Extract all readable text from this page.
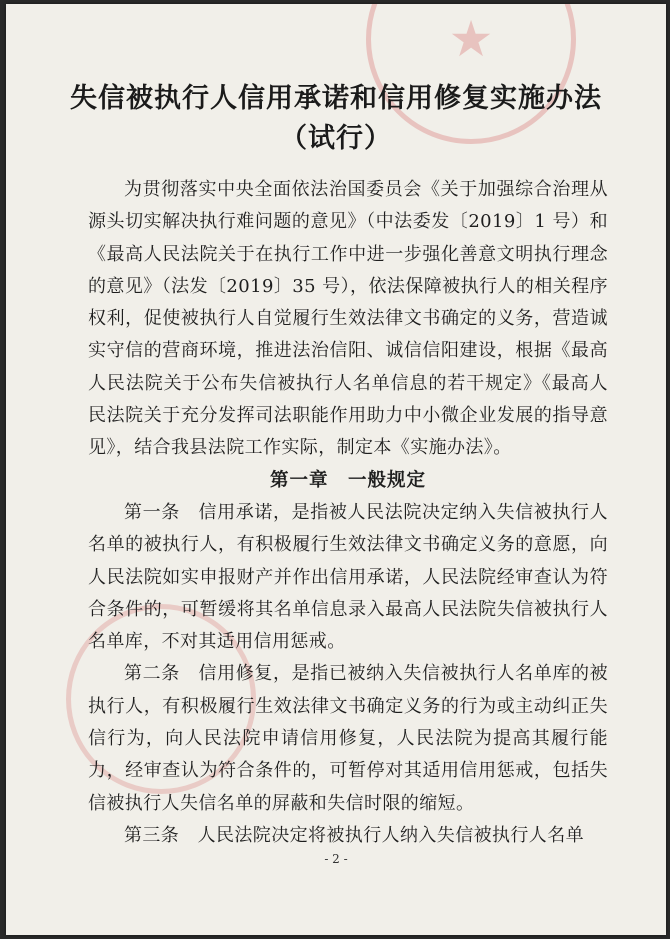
★
失信被执行人信用承诺和信用修复实施办法
（试行）

为贯彻落实中央全面依法治国委员会《关于加强综合治理从源头切实解决执行难问题的意见》（中法委发〔2019〕1 号）和《最高人民法院关于在执行工作中进一步强化善意文明执行理念的意见》（法发〔2019〕35 号），依法保障被执行人的相关程序权利，促使被执行人自觉履行生效法律文书确定的义务，营造诚实守信的营商环境，推进法治信阳、诚信信阳建设，根据《最高人民法院关于公布失信被执行人名单信息的若干规定》《最高人民法院关于充分发挥司法职能作用助力中小微企业发展的指导意见》，结合我县法院工作实际，制定本《实施办法》。

第一章　一般规定

第一条　信用承诺，是指被人民法院决定纳入失信被执行人名单的被执行人，有积极履行生效法律文书确定义务的意愿，向人民法院如实申报财产并作出信用承诺，人民法院经审查认为符合条件的，可暂缓将其名单信息录入最高人民法院失信被执行人名单库，不对其适用信用惩戒。

第二条　信用修复，是指已被纳入失信被执行人名单库的被执行人，有积极履行生效法律文书确定义务的行为或主动纠正失信行为，向人民法院申请信用修复，人民法院为提高其履行能力，经审查认为符合条件的，可暂停对其适用信用惩戒，包括失信被执行人失信名单的屏蔽和失信时限的缩短。

第三条　人民法院决定将被执行人纳入失信被执行人名单

- 2 -
